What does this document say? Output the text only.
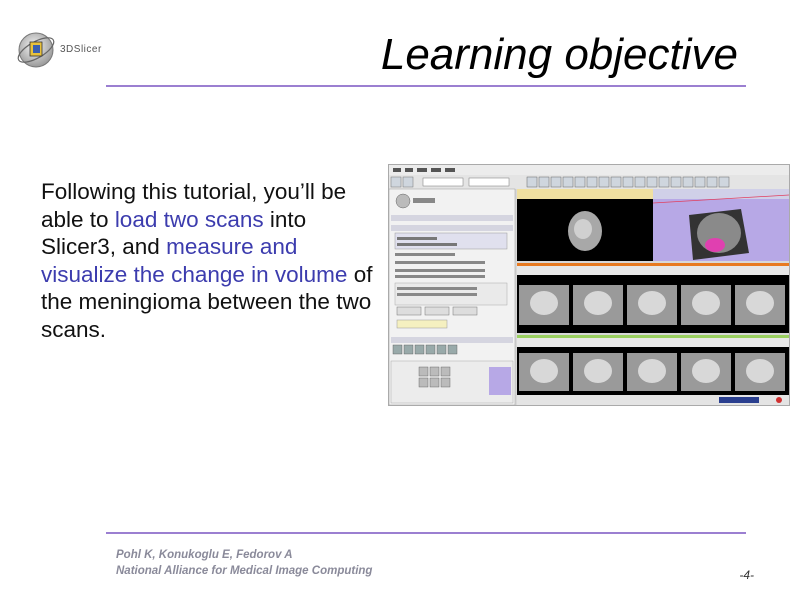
3DSlicer	Learning objective
Following this tutorial, you’ll be able to load two scans into Slicer3, and measure and visualize the change in volume of the meningioma between the two scans.
Pohl K, Konukoglu E, Fedorov A
National Alliance for Medical Image Computing	-4-
